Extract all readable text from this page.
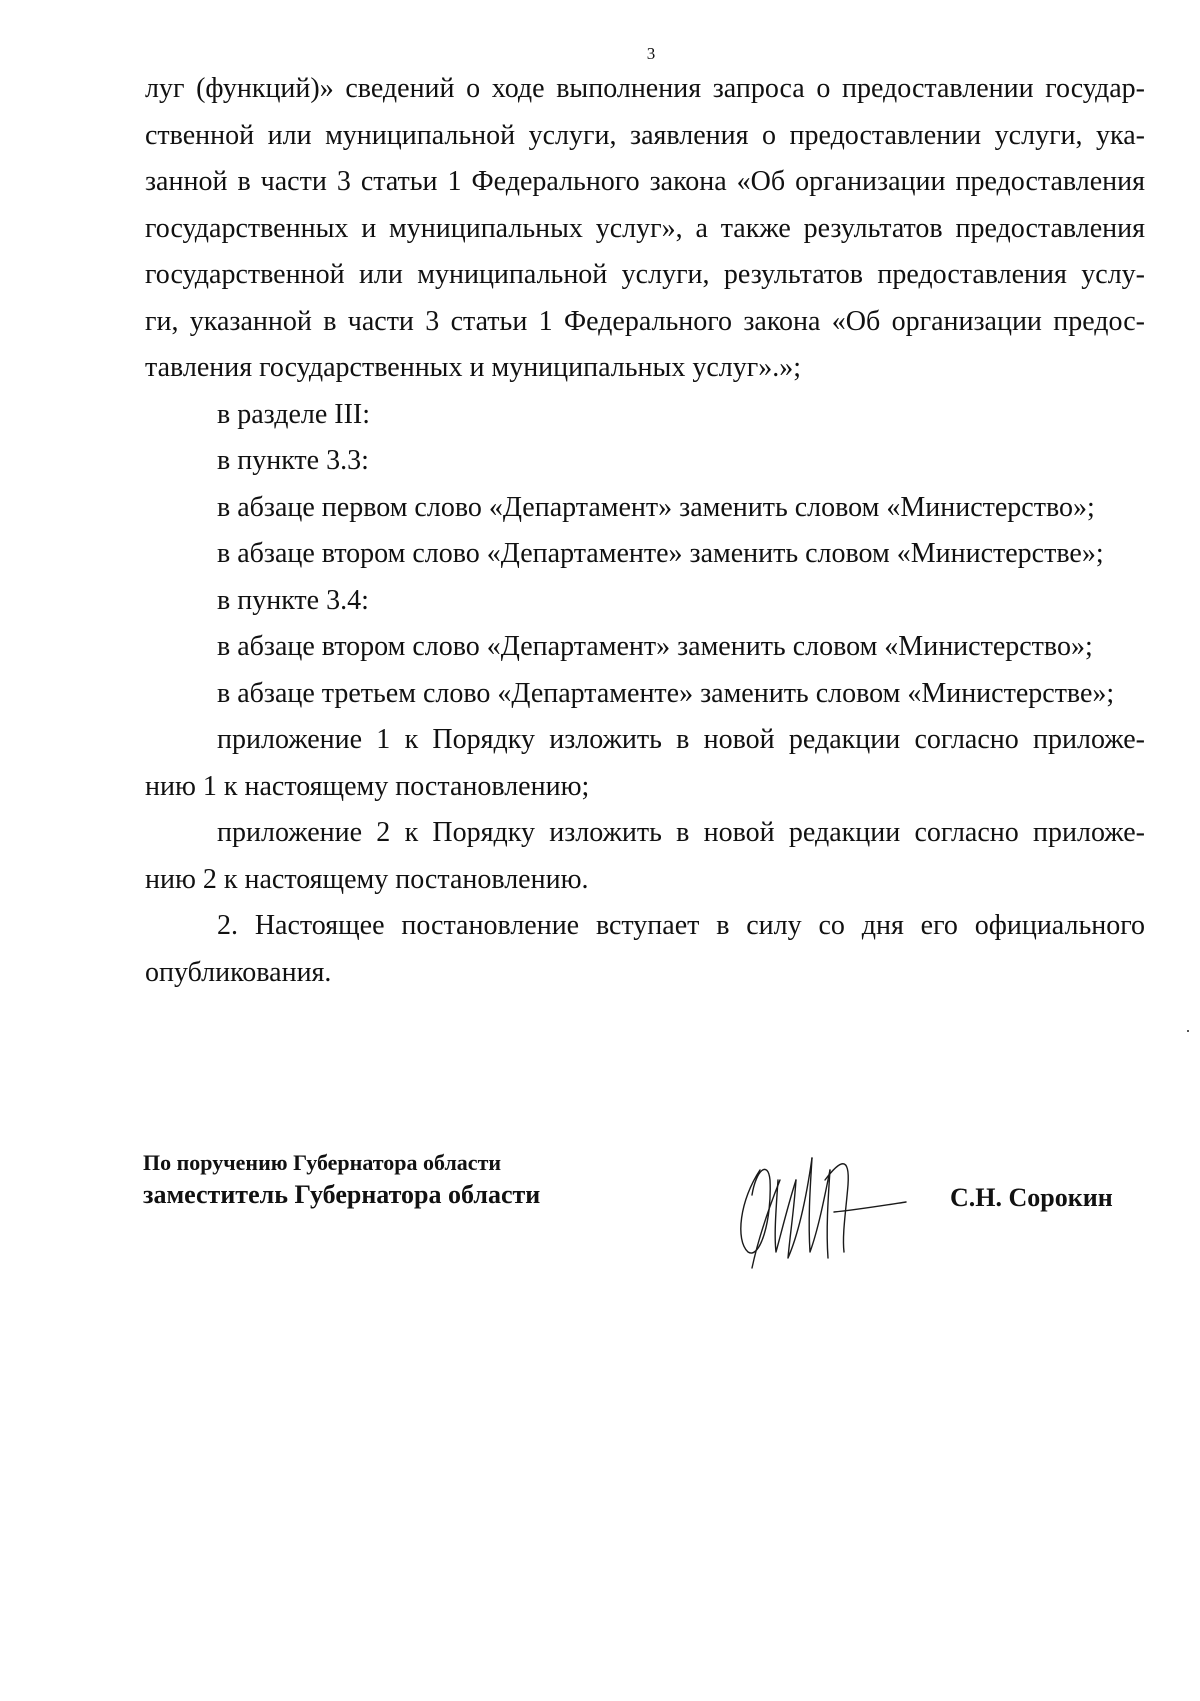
3
луг (функций)» сведений о ходе выполнения запроса о предоставлении государ-
ственной или муниципальной услуги, заявления о предоставлении услуги, ука-
занной в части 3 статьи 1 Федерального закона «Об организации предоставления
государственных и муниципальных услуг», а также результатов предоставления
государственной или муниципальной услуги, результатов предоставления услу-
ги, указанной в части 3 статьи 1 Федерального закона «Об организации предос-
тавления государственных и муниципальных услуг».»;
в разделе III:
в пункте 3.3:
в абзаце первом слово «Департамент» заменить словом «Министерство»;
в абзаце втором слово «Департаменте» заменить словом «Министерстве»;
в пункте 3.4:
в абзаце втором слово «Департамент» заменить словом «Министерство»;
в абзаце третьем слово «Департаменте» заменить словом «Министерстве»;
приложение 1 к Порядку изложить в новой редакции согласно приложе-
нию 1 к настоящему постановлению;
приложение 2 к Порядку изложить в новой редакции согласно приложе-
нию 2 к настоящему постановлению.
2. Настоящее постановление вступает в силу со дня его официального
опубликования.
По поручению Губернатора области
заместитель Губернатора области	С.Н. Сорокин
